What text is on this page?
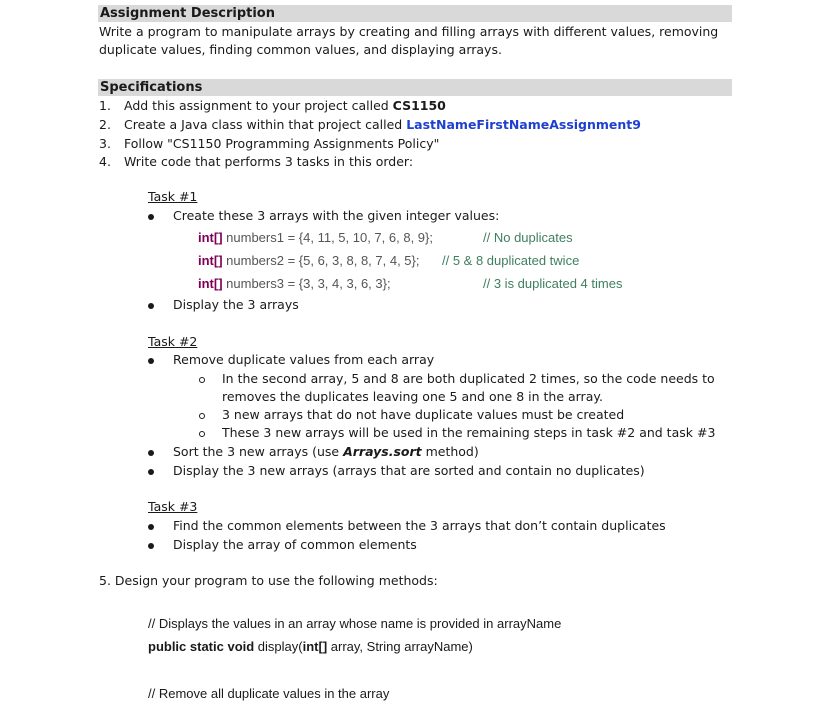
Assignment Description
Write a program to manipulate arrays by creating and filling arrays with different values, removing
duplicate values, finding common values, and displaying arrays.
Specifications
1. Add this assignment to your project called CS1150
2. Create a Java class within that project called LastNameFirstNameAssignment9
3. Follow "CS1150 Programming Assignments Policy"
4. Write code that performs 3 tasks in this order:
Task #1
Create these 3 arrays with the given integer values:
int[] numbers1 = {4, 11, 5, 10, 7, 6, 8, 9};	// No duplicates
int[] numbers2 = {5, 6, 3, 8, 8, 7, 4, 5}; // 5 & 8 duplicated twice
int[] numbers3 = {3, 3, 4, 3, 6, 3};	// 3 is duplicated 4 times
Display the 3 arrays
Task #2
Remove duplicate values from each array
In the second array, 5 and 8 are both duplicated 2 times, so the code needs to
removes the duplicates leaving one 5 and one 8 in the array.
3 new arrays that do not have duplicate values must be created
These 3 new arrays will be used in the remaining steps in task #2 and task #3
Sort the 3 new arrays (use Arrays.sort method)
Display the 3 new arrays (arrays that are sorted and contain no duplicates)
Task #3
Find the common elements between the 3 arrays that don’t contain duplicates
Display the array of common elements
5. Design your program to use the following methods:
// Displays the values in an array whose name is provided in arrayName
public static void display(int[] array, String arrayName)
// Remove all duplicate values in the array
